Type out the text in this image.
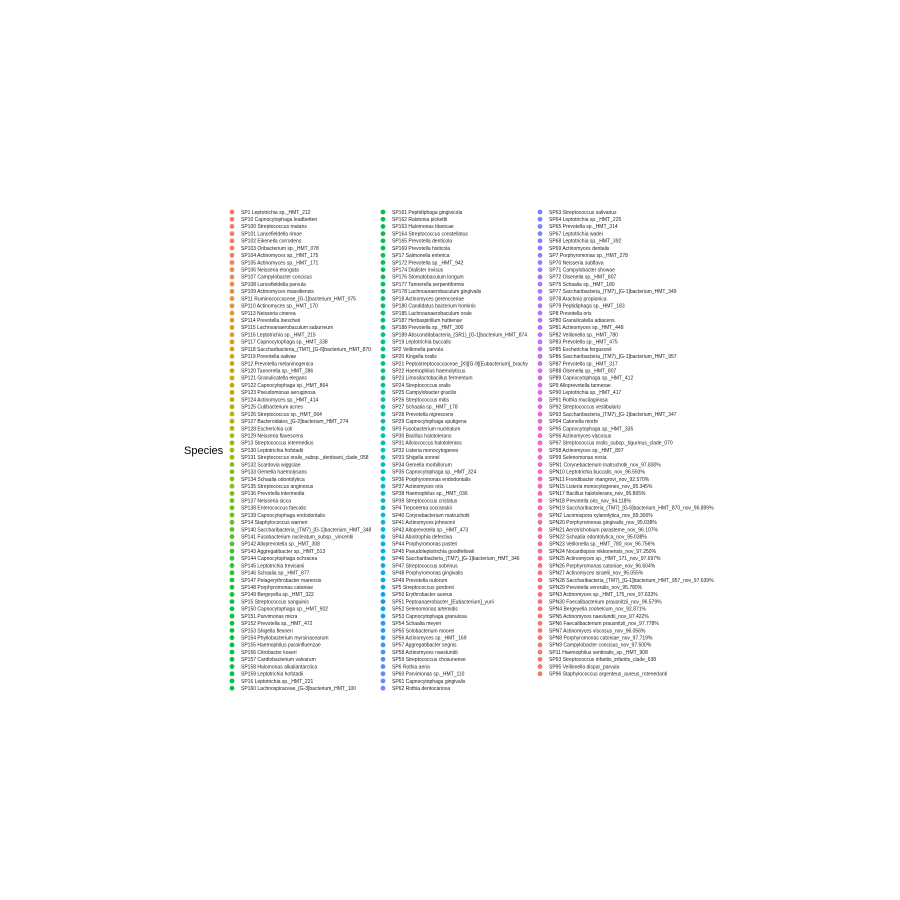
Species
SP1 Leptotrichia sp._HMT_212
SP10 Capnocytophaga leadbetteri
SP100 Streptococcus mutans
SP101 Lancefieldella rimae
SP102 Eikenella corrodens
SP103 Oribacterium sp._HMT_078
SP104 Actinomyces sp._HMT_175
SP105 Actinomyces sp._HMT_171
SP106 Neisseria elongata
SP107 Campylobacter concisus
SP108 Lancefieldella parvula
SP109 Actinomyces massiliensis
SP11 Ruminococcaceae_[G-1]bacterium_HMT_075
SP110 Actinomyces sp._HMT_170
SP113 Neisseria cinerea
SP114 Prevotella loescheii
SP115 Lachnoanaerobaculum saburreum
SP116 Leptotrichia sp._HMT_215
SP117 Capnocytophaga sp._HMT_338
SP118 Saccharibacteria_(TM7)_[G-6]bacterium_HMT_870
SP119 Prevotella salivae
SP12 Prevotella melaninogenica
SP120 Tannerella sp._HMT_286
SP121 Granulicatella elegans
SP122 Capnocytophaga sp._HMT_864
SP123 Pseudomonas aeruginosa
SP124 Actinomyces sp._HMT_414
SP125 Cutibacterium acnes
SP126 Streptococcus sp._HMT_064
SP127 Bacteroidales_[G-2]bacterium_HMT_274
SP128 Escherichia coli
SP129 Neisseria flavescens
SP13 Streptococcus intermedius
SP130 Leptotrichia hofstadii
SP131 Streptococcus oralis_subsp._dentisani_clade_058
SP132 Scardovia wiggsiae
SP133 Gemella haemolysans
SP134 Schaalia odontolytica
SP135 Streptococcus anginosus
SP136 Prevotella intermedia
SP137 Neisseria sicca
SP138 Enterococcus faecalis
SP139 Capnocytophaga endodontalis
SP14 Staphylococcus warneri
SP140 Saccharibacteria_(TM7)_[G-1]bacterium_HMT_348
SP141 Fusobacterium nucleatum_subsp._vincentii
SP142 Alloprevotella sp._HMT_308
SP143 Aggregatibacter sp._HMT_513
SP144 Capnocytophaga ochracea
SP145 Leptotrichia trevisanii
SP146 Schaalia sp._HMT_877
SP147 Pelagerythrobacter marensis
SP148 Porphyromonas catoniae
SP149 Bergeyella sp._HMT_322
SP15 Streptococcus sanguinis
SP150 Capnocytophaga sp._HMT_902
SP151 Parvimonas micra
SP152 Prevotella sp._HMT_472
SP153 Shigella flexneri
SP154 Phyllobacterium myrsinacearum
SP155 Haemophilus parainfluenzae
SP156 Citrobacter koseri
SP157 Cardiobacterium valvarum
SP158 Halomonas alkaliantarctica
SP159 Leptotrichia hofstadii
SP16 Leptotrichia sp._HMT_221
SP160 Lachnospiraceae_[G-3]bacterium_HMT_100
SP161 Peptidiphaga gingivicola
SP162 Ralstonia pickettii
SP163 Halomonas titanicae
SP164 Streptococcus constellatus
SP165 Prevotella denticola
SP169 Prevotella histicola
SP17 Salmonella enterica
SP172 Prevotella sp._HMT_942
SP174 Dialister invisus
SP176 Stomatobaculum longum
SP177 Tannerella serpentiformis
SP178 Lachnoanaerobaculum gingivalis
SP18 Actinomyces gerencseriae
SP180 Candidatus bacterium hominis
SP185 Lachnoanaerobaculum orale
SP187 Herbaspirillum huttiense
SP188 Prevotella sp._HMT_300
SP189 Absconditabacteria_(SR1)_[G-1]bacterium_HMT_874
SP19 Leptotrichia buccalis
SP2 Veillonella parvula
SP20 Kingella oralis
SP21 Peptostreptococcaceae_[XI][G-9][Eubacterium]_brachy
SP22 Haemophilus haemolyticus
SP23 Limosilactobacillus fermentum
SP24 Streptococcus oralis
SP25 Campylobacter gracilis
SP26 Streptococcus mitis
SP27 Schaalia sp._HMT_178
SP28 Prevotella nigrescens
SP29 Capnocytophaga sputigena
SP3 Fusobacterium nucleatum
SP30 Bacillus halotolerans
SP31 Alloiococcus halotolerans
SP32 Listeria monocytogenes
SP33 Shigella sonnei
SP34 Gemella morbillorum
SP35 Capnocytophaga sp._HMT_324
SP36 Porphyromonas endodontalis
SP37 Actinomyces oris
SP38 Haemophilus sp._HMT_036
SP39 Streptococcus cristatus
SP4 Treponema socranskii
SP40 Corynebacterium matruchotii
SP41 Actinomyces johnsonii
SP42 Alloprevotella sp._HMT_473
SP43 Abiotrophia defectiva
SP44 Porphyromonas pasteri
SP45 Pseudoleptotrichia goodfellowii
SP46 Saccharibacteria_(TM7)_[G-1]bacterium_HMT_346
SP47 Streptococcus sobrinus
SP48 Porphyromonas gingivalis
SP49 Prevotella oulorum
SP5 Streptococcus gordonii
SP50 Erythrobacter aureus
SP51 Peptoanaerobacter_[Eubacterium]_yurii
SP52 Selenomonas artemidis
SP53 Capnocytophaga granulosa
SP54 Schaalia meyeri
SP55 Solobacterium moorei
SP56 Actinomyces sp._HMT_169
SP57 Aggregatibacter segnis
SP58 Actinomyces naeslundii
SP59 Streptococcus chosunense
SP6 Rothia aeria
SP60 Parvimonas sp._HMT_110
SP61 Capnocytophaga gingivalis
SP62 Rothia dentocariosa
SP63 Streptococcus salivarius
SP64 Leptotrichia sp._HMT_225
SP65 Prevotella sp._HMT_314
SP67 Leptotrichia wadei
SP68 Leptotrichia sp._HMT_392
SP69 Actinomyces dentalis
SP7 Porphyromonas sp._HMT_278
SP70 Neisseria subflava
SP71 Campylobacter showae
SP72 Olsenella sp._HMT_807
SP75 Schaalia sp._HMT_180
SP77 Saccharibacteria_(TM7)_[G-1]bacterium_HMT_349
SP78 Arachnia propionica
SP79 Peptidiphaga sp._HMT_183
SP8 Prevotella oris
SP80 Granulicatella adiacens
SP81 Actinomyces sp._HMT_448
SP82 Veillonella sp._HMT_780
SP83 Prevotella sp._HMT_475
SP85 Escherichia fergusonii
SP86 Saccharibacteria_(TM7)_[G-1]bacterium_HMT_957
SP87 Prevotella sp._HMT_317
SP88 Olsenella sp._HMT_807
SP89 Capnocytophaga sp._HMT_412
SP9 Alloprevotella tannerae
SP90 Leptotrichia sp._HMT_417
SP91 Rothia mucilaginosa
SP92 Streptococcus vestibularis
SP93 Saccharibacteria_(TM7)_[G-1]bacterium_HMT_347
SP94 Catonella morbi
SP95 Capnocytophaga sp._HMT_335
SP96 Actinomyces viscosus
SP97 Streptococcus oralis_subsp._tigurinus_clade_070
SP98 Actinomyces sp._HMT_897
SP99 Selenomonas noxia
SPN1 Corynebacterium matruchotii_nov_97.830%
SPN10 Leptotrichia buccalis_nov_96.593%
SPN11 Frondibacter mangrovi_nov_92.570%
SPN15 Listeria monocytogenes_nov_95.345%
SPN17 Bacillus halotolerans_nov_95.865%
SPN18 Prevotella oris_nov_94.118%
SPN19 Saccharibacteria_(TM7)_[G-6]bacterium_HMT_870_nov_96.899%
SPN2 Lacrimispora xylanolytica_nov_89.300%
SPN20 Porphyromonas gingivalis_nov_95.038%
SPN21 Aerotrichobium parasteme_nov_96.107%
SPN22 Schaalia odontolytica_nov_95.038%
SPN23 Veillonella sp._HMT_780_nov_96.756%
SPN24 Nocardiopsis nikkonensis_nov_97.250%
SPN25 Actinomyces sp._HMT_171_nov_97.697%
SPN26 Porphyromonas catoniae_nov_96.604%
SPN27 Actinomyces israelii_nov_95.055%
SPN28 Saccharibacteria_(TM7)_[G-1]bacterium_HMT_957_nov_97.639%
SPN29 Prevotella veroralis_nov_95.780%
SPN3 Actinomyces sp._HMT_175_nov_97.633%
SPN30 Faecalibacterium prausnitzii_nov_96.579%
SPN4 Bergeyella zoohelcum_nov_92.871%
SPN5 Actinomyces naeslundii_nov_97.422%
SPN6 Faecalibacterium prausnitzii_nov_97.778%
SPN7 Actinomyces viscosus_nov_96.056%
SPN8 Porphyromonas catoniae_nov_97.719%
SPN9 Campylobacter concisus_nov_97.500%
SP11 Haemophilus sentinalis_sp._HMT_908
SP93 Streptococcus infantis_infantis_clade_638
SP95 Veillonella dispar_parvula
SP96 Staphylococcus argenteus_aureus_rotenedanti
